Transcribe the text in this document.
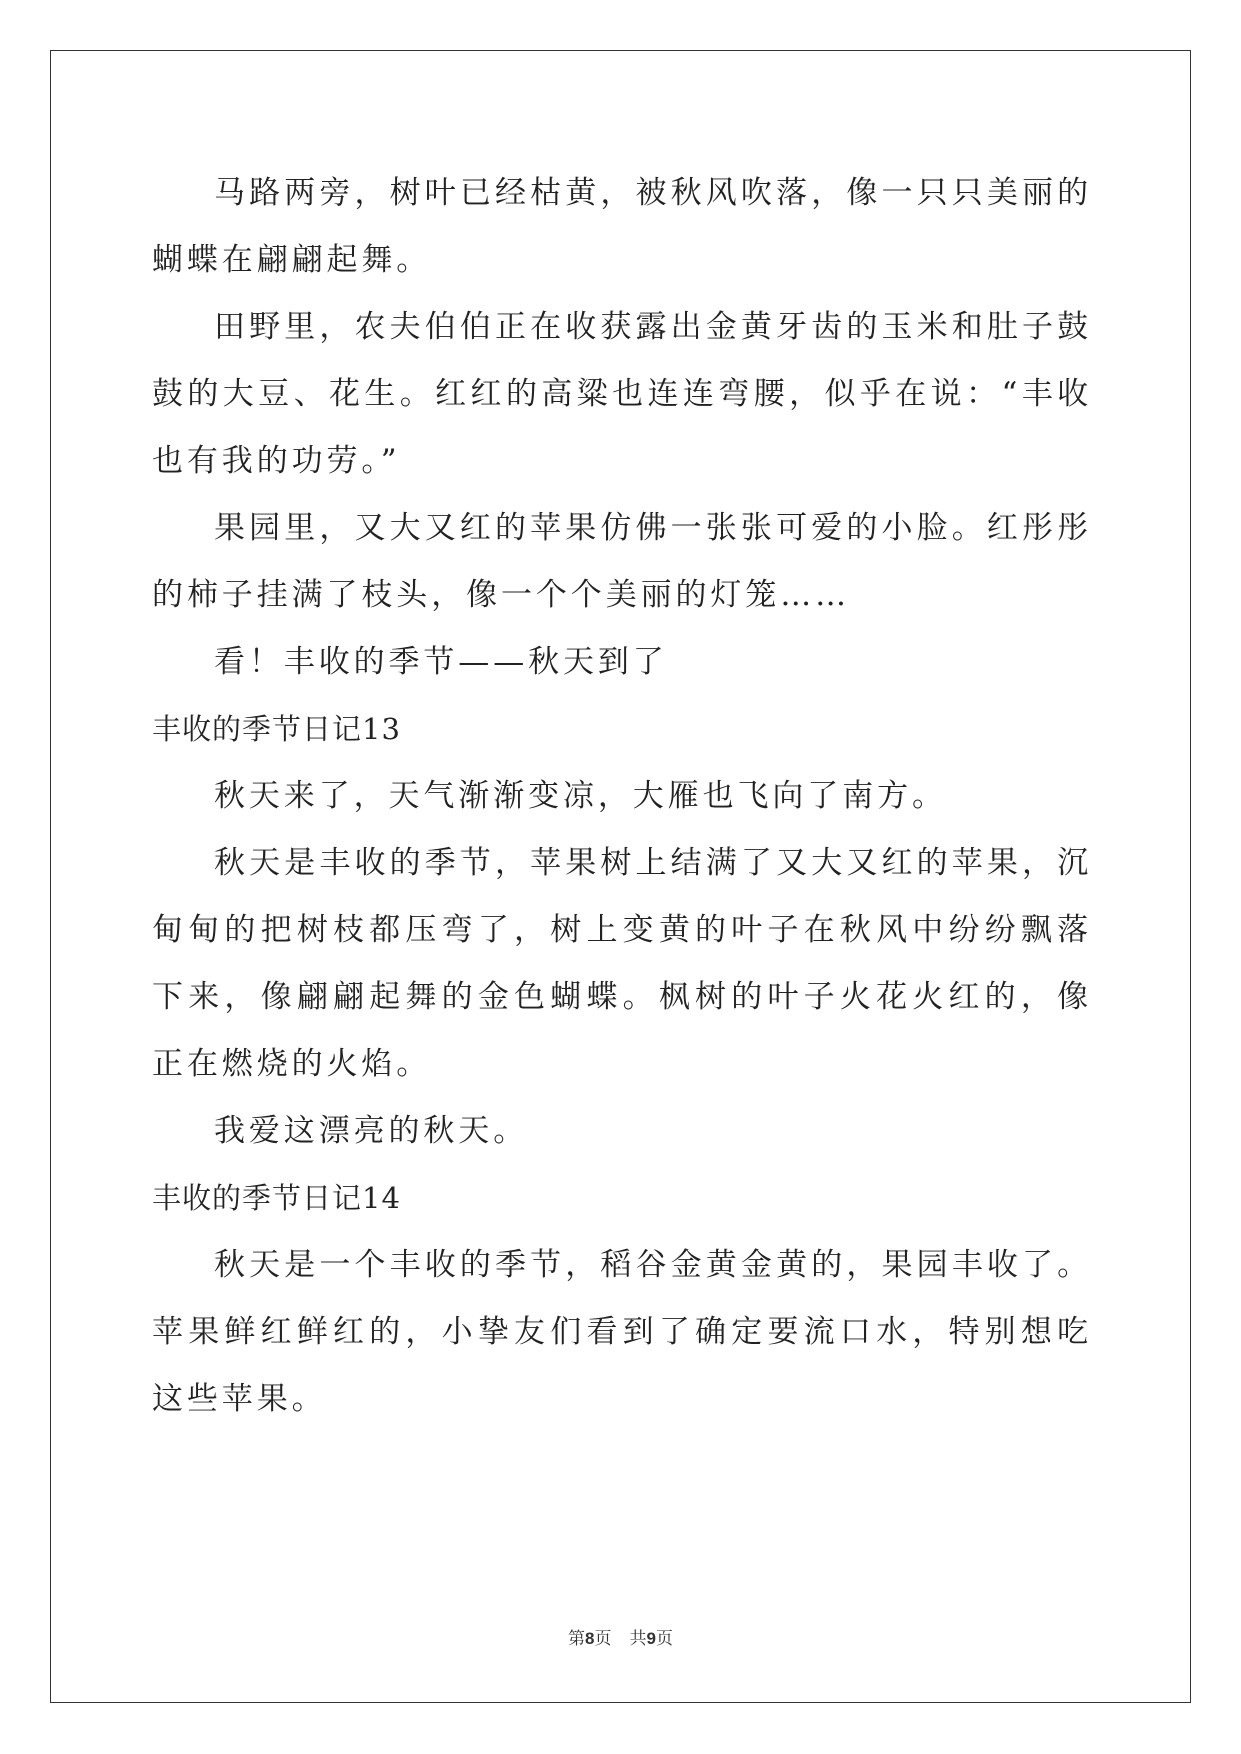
马路两旁，树叶已经枯黄，被秋风吹落，像一只只美丽的蝴蝶在翩翩起舞。

田野里，农夫伯伯正在收获露出金黄牙齿的玉米和肚子鼓鼓的大豆、花生。红红的高粱也连连弯腰，似乎在说：“丰收也有我的功劳。”

果园里，又大又红的苹果仿佛一张张可爱的小脸。红彤彤的柿子挂满了枝头，像一个个美丽的灯笼……

看！丰收的季节——秋天到了

丰收的季节日记13

秋天来了，天气渐渐变凉，大雁也飞向了南方。

秋天是丰收的季节，苹果树上结满了又大又红的苹果，沉甸甸的把树枝都压弯了，树上变黄的叶子在秋风中纷纷飘落下来，像翩翩起舞的金色蝴蝶。枫树的叶子火花火红的，像正在燃烧的火焰。

我爱这漂亮的秋天。

丰收的季节日记14

秋天是一个丰收的季节，稻谷金黄金黄的，果园丰收了。苹果鲜红鲜红的，小挚友们看到了确定要流口水，特别想吃这些苹果。

第8页 共9页
